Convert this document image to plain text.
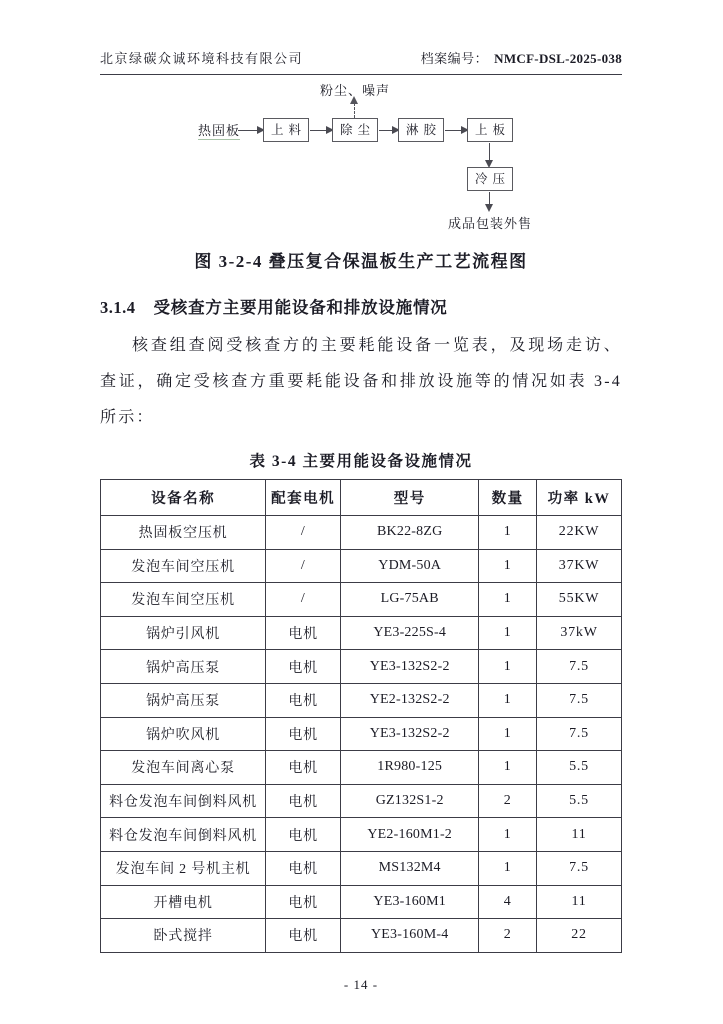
北京绿碳众诚环境科技有限公司	档案编号： NMCF-DSL-2025-038
粉尘、噪声
热固板	上料	除尘	淋胶	上板
冷压
成品包装外售
图 3-2-4 叠压复合保温板生产工艺流程图
3.1.4 受核查方主要用能设备和排放设施情况
核查组查阅受核查方的主要耗能设备一览表，及现场走访、查证，确定受核查方重要耗能设备和排放设施等的情况如表 3-4 所示：
表 3-4 主要用能设备设施情况
设备名称	配套电机	型号	数量	功率 kW
热固板空压机	/	BK22-8ZG	1	22KW
发泡车间空压机	/	YDM-50A	1	37KW
发泡车间空压机	/	LG-75AB	1	55KW
锅炉引风机	电机	YE3-225S-4	1	37kW
锅炉高压泵	电机	YE3-132S2-2	1	7.5
锅炉高压泵	电机	YE2-132S2-2	1	7.5
锅炉吹风机	电机	YE3-132S2-2	1	7.5
发泡车间离心泵	电机	1R980-125	1	5.5
料仓发泡车间倒料风机	电机	GZ132S1-2	2	5.5
料仓发泡车间倒料风机	电机	YE2-160M1-2	1	11
发泡车间 2 号机主机	电机	MS132M4	1	7.5
开槽电机	电机	YE3-160M1	4	11
卧式搅拌	电机	YE3-160M-4	2	22
- 14 -
